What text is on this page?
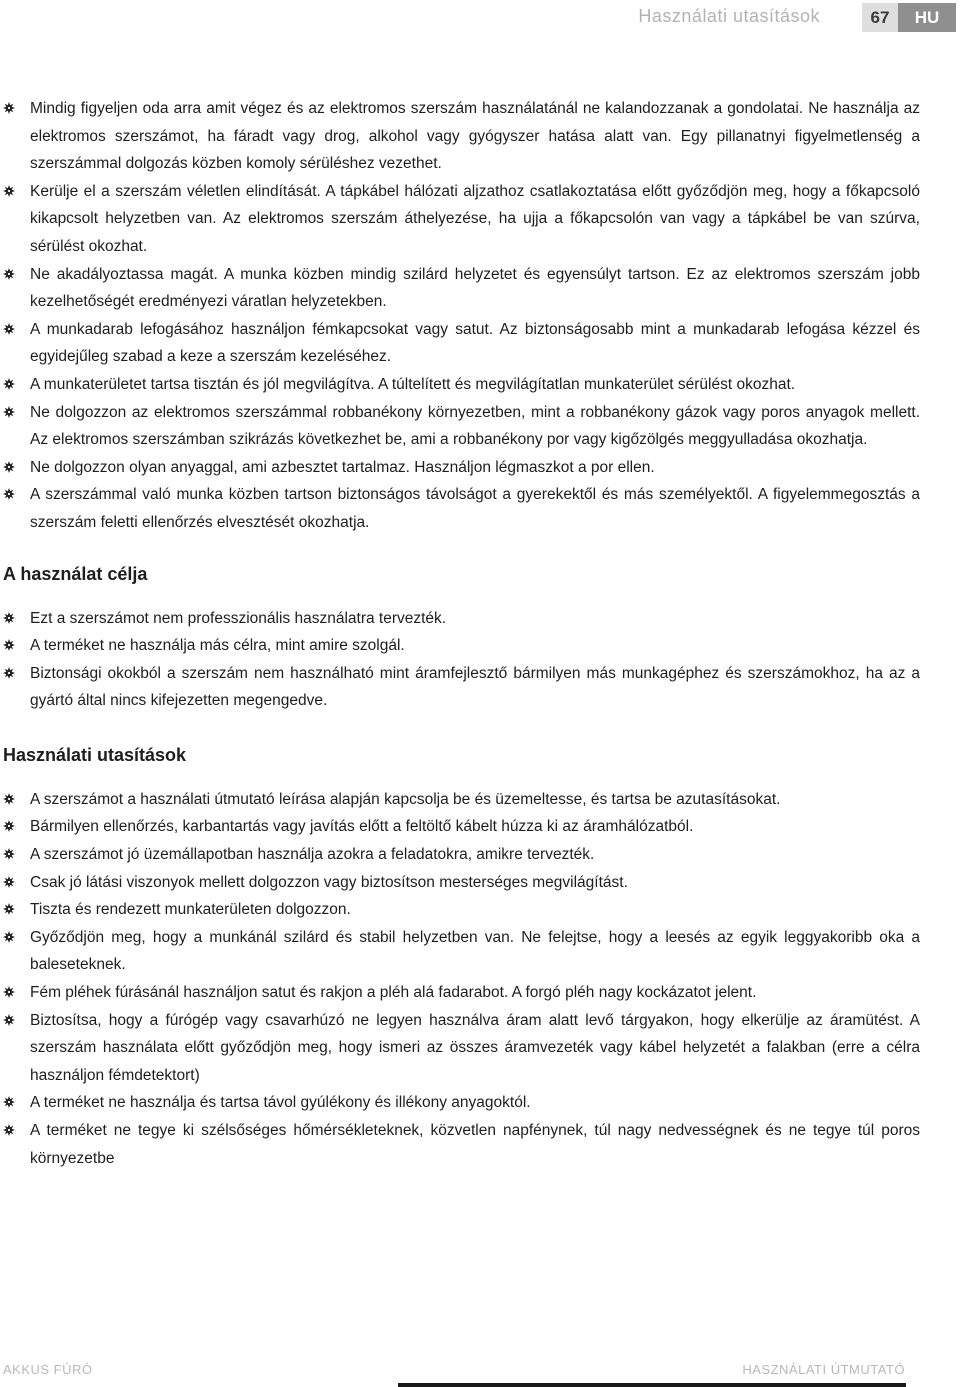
Használati utasítások	67	HU
Mindig figyeljen oda arra amit végez és az elektromos szerszám használatánál ne kalandozzanak a gondolatai. Ne használja az elektromos szerszámot, ha fáradt vagy drog, alkohol vagy gyógyszer hatása alatt van. Egy pillanatnyi figyelmetlenség a szerszámmal dolgozás közben komoly sérüléshez vezethet.
Kerülje el a szerszám véletlen elindítását. A tápkábel hálózati aljzathoz csatlakoztatása előtt győződjön meg, hogy a főkapcsoló kikapcsolt helyzetben van. Az elektromos szerszám áthelyezése, ha ujja a főkapcsolón van vagy a tápkábel be van szúrva, sérülést okozhat.
Ne akadályoztassa magát. A munka közben mindig szilárd helyzetet és egyensúlyt tartson. Ez az elektromos szerszám jobb kezelhetőségét eredményezi váratlan helyzetekben.
A munkadarab lefogásához használjon fémkapcsokat vagy satut. Az biztonságosabb mint a munkadarab lefogása kézzel és egyidejűleg szabad a keze a szerszám kezeléséhez.
A munkaterületet tartsa tisztán és jól megvilágítva. A túltelített és megvilágítatlan munkaterület sérülést okozhat.
Ne dolgozzon az elektromos szerszámmal robbanékony környezetben, mint a robbanékony gázok vagy poros anyagok mellett. Az elektromos szerszámban szikrázás következhet be, ami a robbanékony por vagy kigőzölgés meggyulladása okozhatja.
Ne dolgozzon olyan anyaggal, ami azbesztet tartalmaz. Használjon légmaszkot a por ellen.
A szerszámmal való munka közben tartson biztonságos távolságot a gyerekektől és más személyektől. A figyelemmegosztás a szerszám feletti ellenőrzés elvesztését okozhatja.
A használat célja
Ezt a szerszámot nem professzionális használatra tervezték.
A terméket ne használja más célra, mint amire szolgál.
Biztonsági okokból a szerszám nem használható mint áramfejlesztő bármilyen más munkagéphez és szerszámokhoz, ha az a gyártó által nincs kifejezetten megengedve.
Használati utasítások
A szerszámot a használati útmutató leírása alapján kapcsolja be és üzemeltesse, és tartsa be azutasításokat.
Bármilyen ellenőrzés, karbantartás vagy javítás előtt a feltöltő kábelt húzza ki az áramhálózatból.
A szerszámot jó üzemállapotban használja azokra a feladatokra, amikre tervezték.
Csak jó látási viszonyok mellett dolgozzon vagy biztosítson mesterséges megvilágítást.
Tiszta és rendezett munkaterületen dolgozzon.
Győződjön meg, hogy a munkánál szilárd és stabil helyzetben van. Ne felejtse, hogy a leesés az egyik leggyakoribb oka a baleseteknek.
Fém pléhek fúrásánál használjon satut és rakjon a pléh alá fadarabot. A forgó pléh nagy kockázatot jelent.
Biztosítsa, hogy a fúrógép vagy csavarhúzó ne legyen használva áram alatt levő tárgyakon, hogy elkerülje az áramütést. A szerszám használata előtt győződjön meg, hogy ismeri az összes áramvezeték vagy kábel helyzetét a falakban (erre a célra használjon fémdetektort)
A terméket ne használja és tartsa távol gyúlékony és illékony anyagoktól.
A terméket ne tegye ki szélsőséges hőmérsékleteknek, közvetlen napfénynek, túl nagy nedvességnek és ne tegye túl poros környezetbe
AKKUS FÚRÓ	HASZNÁLATI ÚTMUTATÓ
